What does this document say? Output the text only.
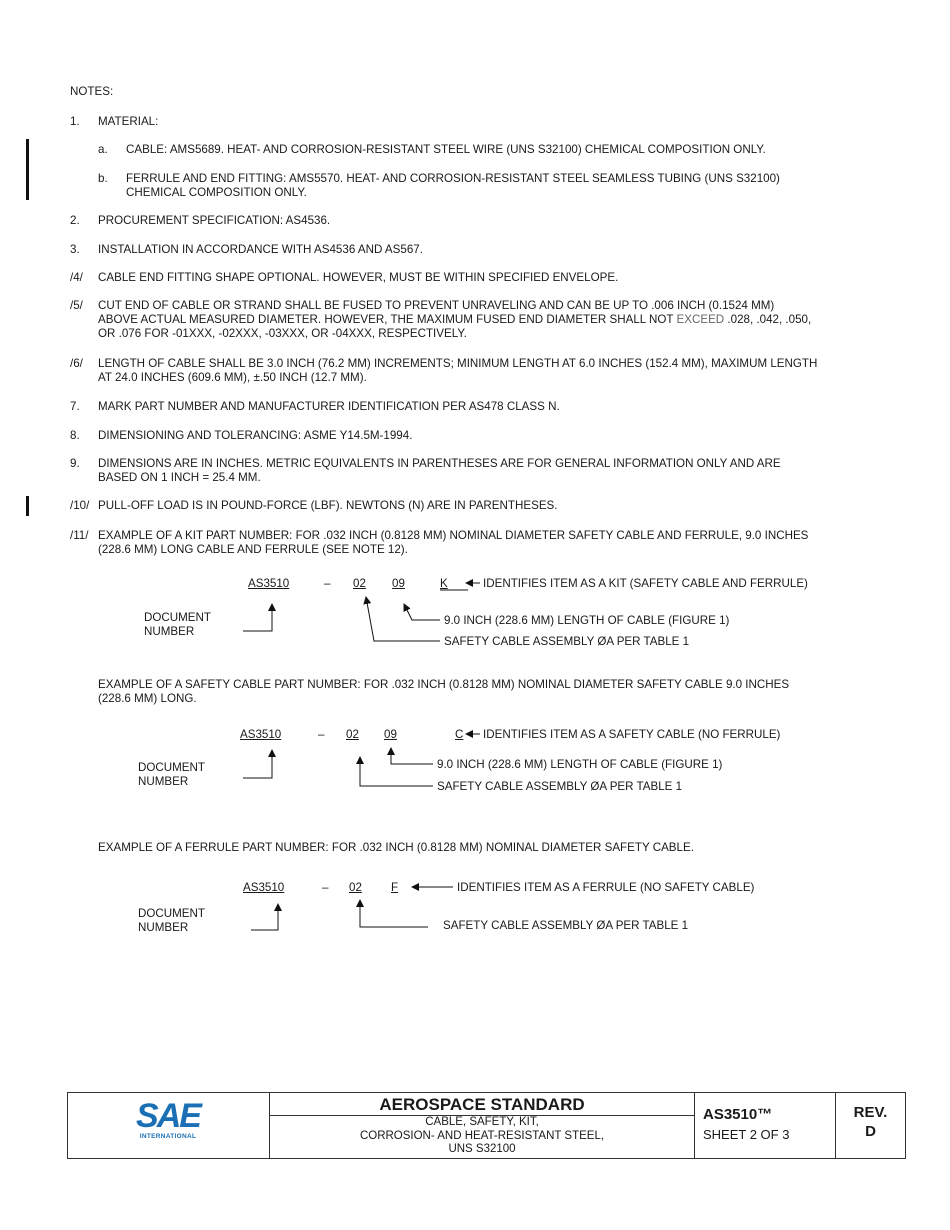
NOTES:
1. MATERIAL:
a. CABLE: AMS5689. HEAT- AND CORROSION-RESISTANT STEEL WIRE (UNS S32100) CHEMICAL COMPOSITION ONLY.
b. FERRULE AND END FITTING: AMS5570. HEAT- AND CORROSION-RESISTANT STEEL SEAMLESS TUBING (UNS S32100)
CHEMICAL COMPOSITION ONLY.
2. PROCUREMENT SPECIFICATION: AS4536.
3. INSTALLATION IN ACCORDANCE WITH AS4536 AND AS567.
/4/ CABLE END FITTING SHAPE OPTIONAL. HOWEVER, MUST BE WITHIN SPECIFIED ENVELOPE.
/5/ CUT END OF CABLE OR STRAND SHALL BE FUSED TO PREVENT UNRAVELING AND CAN BE UP TO .006 INCH (0.1524 MM)
ABOVE ACTUAL MEASURED DIAMETER. HOWEVER, THE MAXIMUM FUSED END DIAMETER SHALL NOT EXCEED .028, .042, .050,
OR .076 FOR -01XXX, -02XXX, -03XXX, OR -04XXX, RESPECTIVELY.
/6/ LENGTH OF CABLE SHALL BE 3.0 INCH (76.2 MM) INCREMENTS; MINIMUM LENGTH AT 6.0 INCHES (152.4 MM), MAXIMUM LENGTH
AT 24.0 INCHES (609.6 MM), ±.50 INCH (12.7 MM).
7. MARK PART NUMBER AND MANUFACTURER IDENTIFICATION PER AS478 CLASS N.
8. DIMENSIONING AND TOLERANCING: ASME Y14.5M-1994.
9. DIMENSIONS ARE IN INCHES. METRIC EQUIVALENTS IN PARENTHESES ARE FOR GENERAL INFORMATION ONLY AND ARE
BASED ON 1 INCH = 25.4 MM.
/10/ PULL-OFF LOAD IS IN POUND-FORCE (LBF). NEWTONS (N) ARE IN PARENTHESES.
/11/ EXAMPLE OF A KIT PART NUMBER: FOR .032 INCH (0.8128 MM) NOMINAL DIAMETER SAFETY CABLE AND FERRULE, 9.0 INCHES
(228.6 MM) LONG CABLE AND FERRULE (SEE NOTE 12).
AS3510	– 02 09	K	IDENTIFIES ITEM AS A KIT (SAFETY CABLE AND FERRULE)
9.0 INCH (228.6 MM) LENGTH OF CABLE (FIGURE 1)
SAFETY CABLE ASSEMBLY ØA PER TABLE 1
DOCUMENT
NUMBER
EXAMPLE OF A SAFETY CABLE PART NUMBER: FOR .032 INCH (0.8128 MM) NOMINAL DIAMETER SAFETY CABLE 9.0 INCHES
(228.6 MM) LONG.
AS3510	– 02 09	C IDENTIFIES ITEM AS A SAFETY CABLE (NO FERRULE)
9.0 INCH (228.6 MM) LENGTH OF CABLE (FIGURE 1)
SAFETY CABLE ASSEMBLY ØA PER TABLE 1
DOCUMENT
NUMBER
EXAMPLE OF A FERRULE PART NUMBER: FOR .032 INCH (0.8128 MM) NOMINAL DIAMETER SAFETY CABLE.
AS3510	– 02	F	IDENTIFIES ITEM AS A FERRULE (NO SAFETY CABLE)
SAFETY CABLE ASSEMBLY ØA PER TABLE 1
DOCUMENT
NUMBER
SAE
INTERNATIONAL
AEROSPACE STANDARD
CABLE, SAFETY, KIT,
CORROSION- AND HEAT-RESISTANT STEEL,
UNS S32100
AS3510™
SHEET 2 OF 3
REV.
D
